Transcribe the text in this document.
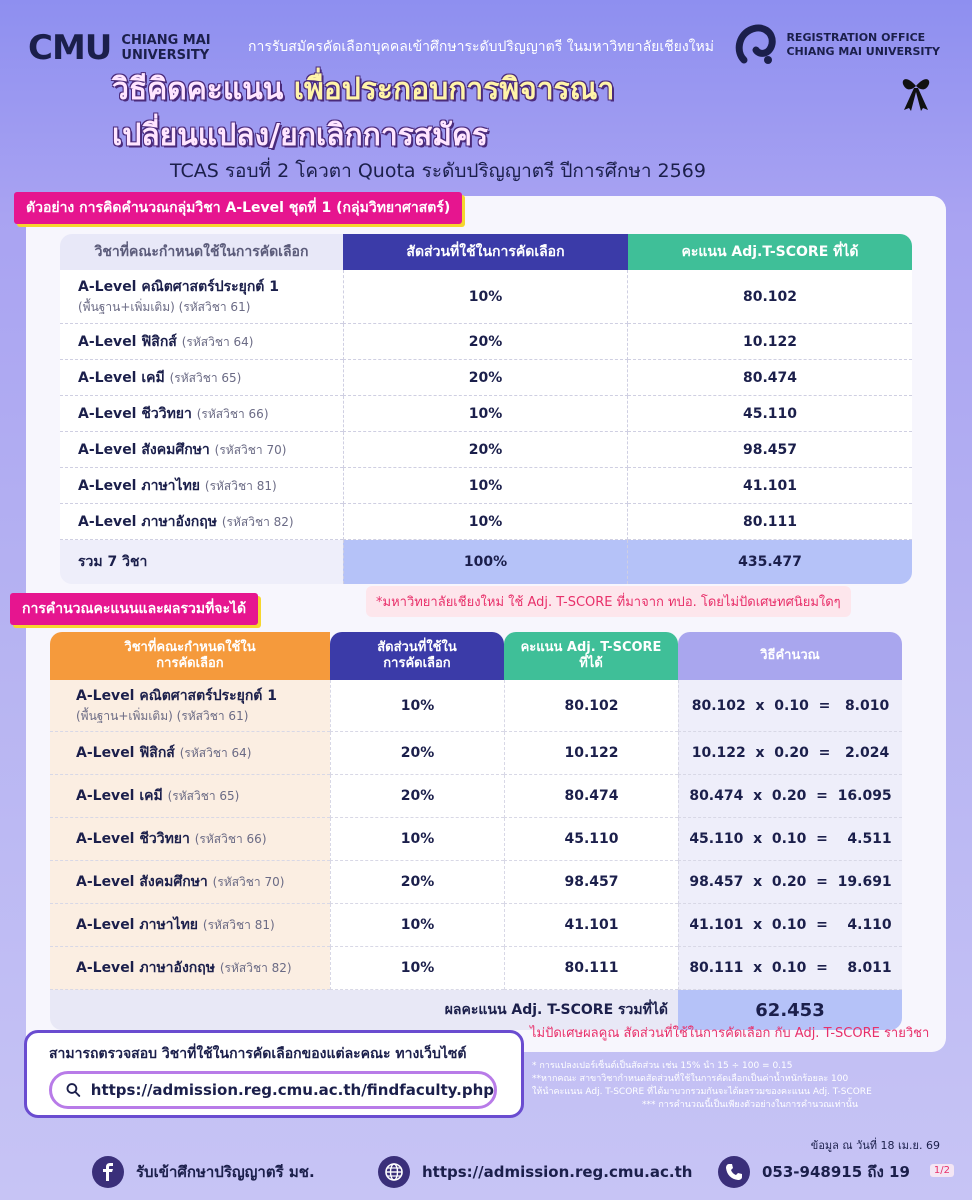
CMU CHIANG MAI
UNIVERSITY
การรับสมัครคัดเลือกบุคคลเข้าศึกษาระดับปริญญาตรี ในมหาวิทยาลัยเชียงใหม่
REGISTRATION OFFICE
CHIANG MAI UNIVERSITY
วิธีคิดคะแนน เพื่อประกอบการพิจารณา
เปลี่ยนแปลง/ยกเลิกการสมัคร
TCAS รอบที่ 2 โควตา Quota ระดับปริญญาตรี ปีการศึกษา 2569
ตัวอย่าง การคิดคำนวณกลุ่มวิชา A-Level ชุดที่ 1 (กลุ่มวิทยาศาสตร์)
วิชาที่คณะกำหนดใช้ในการคัดเลือก	สัดส่วนที่ใช้ในการคัดเลือก	คะแนน Adj.T-SCORE ที่ได้
A-Level คณิตศาสตร์ประยุกต์ 1
(พื้นฐาน+เพิ่มเติม) (รหัสวิชา 61)	10%	80.102
A-Level ฟิสิกส์ (รหัสวิชา 64)	20%	10.122
A-Level เคมี (รหัสวิชา 65)	20%	80.474
A-Level ชีววิทยา (รหัสวิชา 66)	10%	45.110
A-Level สังคมศึกษา (รหัสวิชา 70)	20%	98.457
A-Level ภาษาไทย (รหัสวิชา 81)	10%	41.101
A-Level ภาษาอังกฤษ (รหัสวิชา 82)	10%	80.111
รวม 7 วิชา	100%	435.477
*มหาวิทยาลัยเชียงใหม่ ใช้ Adj. T-SCORE ที่มาจาก ทปอ. โดยไม่ปัดเศษทศนิยมใดๆ
การคำนวณคะแนนและผลรวมที่จะได้
วิชาที่คณะกำหนดใช้ใน
การคัดเลือก	สัดส่วนที่ใช้ใน
การคัดเลือก	คะแนน Adj. T-SCORE
ที่ได้	วิธีคำนวณ
A-Level คณิตศาสตร์ประยุกต์ 1
(พื้นฐาน+เพิ่มเติม) (รหัสวิชา 61)	10%	80.102	80.102  x  0.10  =   8.010
A-Level ฟิสิกส์ (รหัสวิชา 64)	20%	10.122	10.122  x  0.20  =   2.024
A-Level เคมี (รหัสวิชา 65)	20%	80.474	80.474  x  0.20  =  16.095
A-Level ชีววิทยา (รหัสวิชา 66)	10%	45.110	45.110  x  0.10  =    4.511
A-Level สังคมศึกษา (รหัสวิชา 70)	20%	98.457	98.457  x  0.20  =  19.691
A-Level ภาษาไทย (รหัสวิชา 81)	10%	41.101	41.101  x  0.10  =    4.110
A-Level ภาษาอังกฤษ (รหัสวิชา 82)	10%	80.111	80.111  x  0.10  =    8.011
ผลคะแนน Adj. T-SCORE รวมที่ได้			62.453
ไม่ปัดเศษผลคูณ สัดส่วนที่ใช้ในการคัดเลือก กับ Adj. T-SCORE รายวิชา
สามารถตรวจสอบ วิชาที่ใช้ในการคัดเลือกของแต่ละคณะ ทางเว็บไซต์
https://admission.reg.cmu.ac.th/findfaculty.php
* การแปลงเปอร์เซ็นต์เป็นสัดส่วน เช่น 15% นำ 15 ÷ 100 = 0.15
**หากคณะ สาขาวิชากำหนดสัดส่วนที่ใช้ในการคัดเลือกเป็นค่าน้ำหนักร้อยละ 100
ให้นำคะแนน Adj. T-SCORE ที่ได้มาบวกรวมกันจะได้ผลรวมของคะแนน Adj. T-SCORE
*** การคำนวณนี้เป็นเพียงตัวอย่างในการคำนวณเท่านั้น
ข้อมูล ณ วันที่ 18 เม.ย. 69
รับเข้าศึกษาปริญญาตรี มช.	https://admission.reg.cmu.ac.th	053-948915 ถึง 19	1/2
